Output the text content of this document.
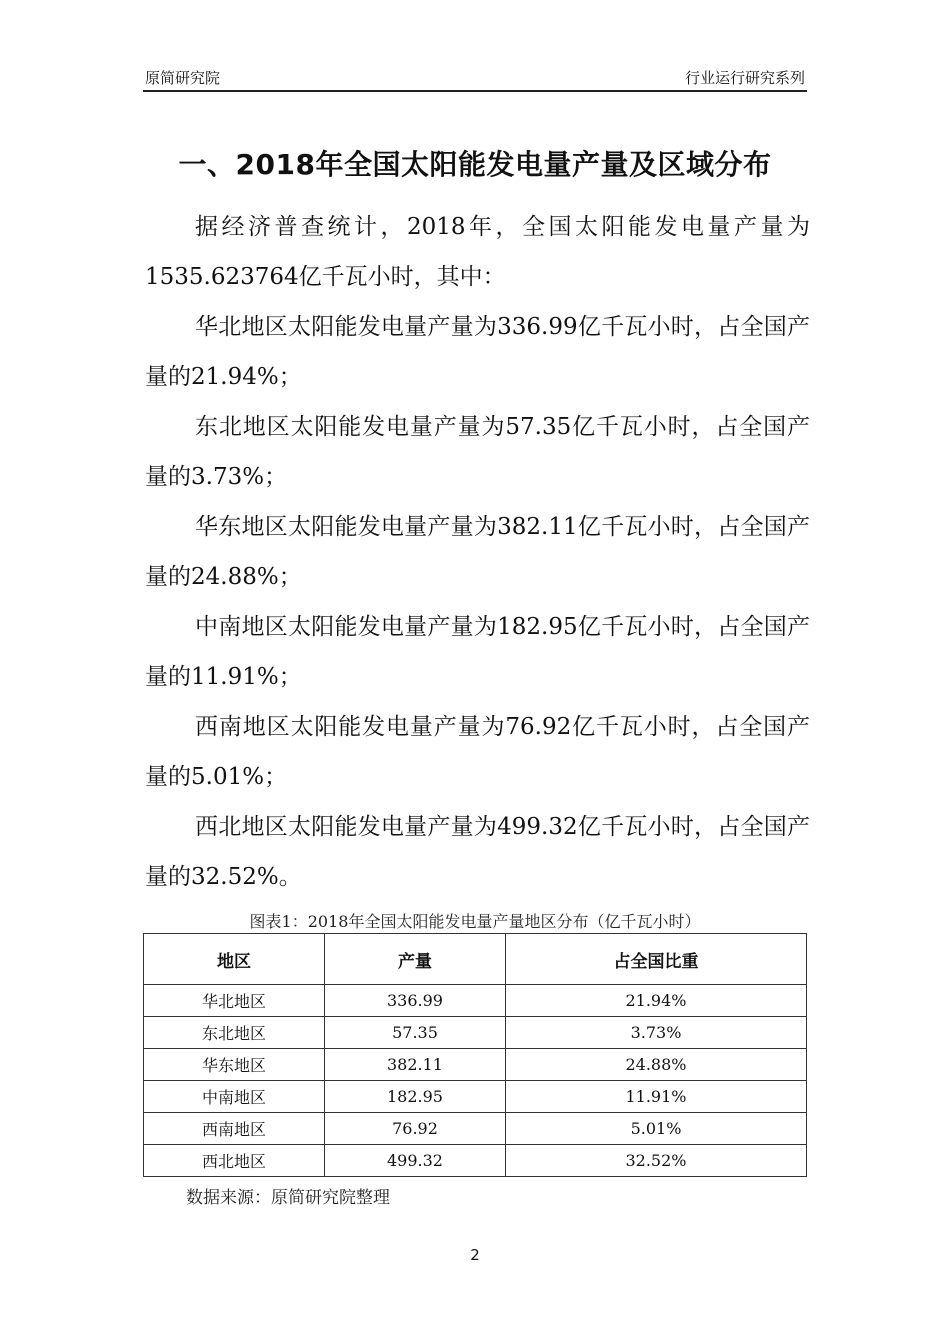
原简研究院	行业运行研究系列
一、2018年全国太阳能发电量产量及区域分布

据经济普查统计，2018年，全国太阳能发电量产量为1535.623764亿千瓦小时，其中：

华北地区太阳能发电量产量为336.99亿千瓦小时，占全国产量的21.94%；

东北地区太阳能发电量产量为57.35亿千瓦小时，占全国产量的3.73%；

华东地区太阳能发电量产量为382.11亿千瓦小时，占全国产量的24.88%；

中南地区太阳能发电量产量为182.95亿千瓦小时，占全国产量的11.91%；

西南地区太阳能发电量产量为76.92亿千瓦小时，占全国产量的5.01%；

西北地区太阳能发电量产量为499.32亿千瓦小时，占全国产量的32.52%。

图表1：2018年全国太阳能发电量产量地区分布（亿千瓦小时）
地区	产量	占全国比重
华北地区	336.99	21.94%
东北地区	57.35	3.73%
华东地区	382.11	24.88%
中南地区	182.95	11.91%
西南地区	76.92	5.01%
西北地区	499.32	32.52%
数据来源：原简研究院整理
2
